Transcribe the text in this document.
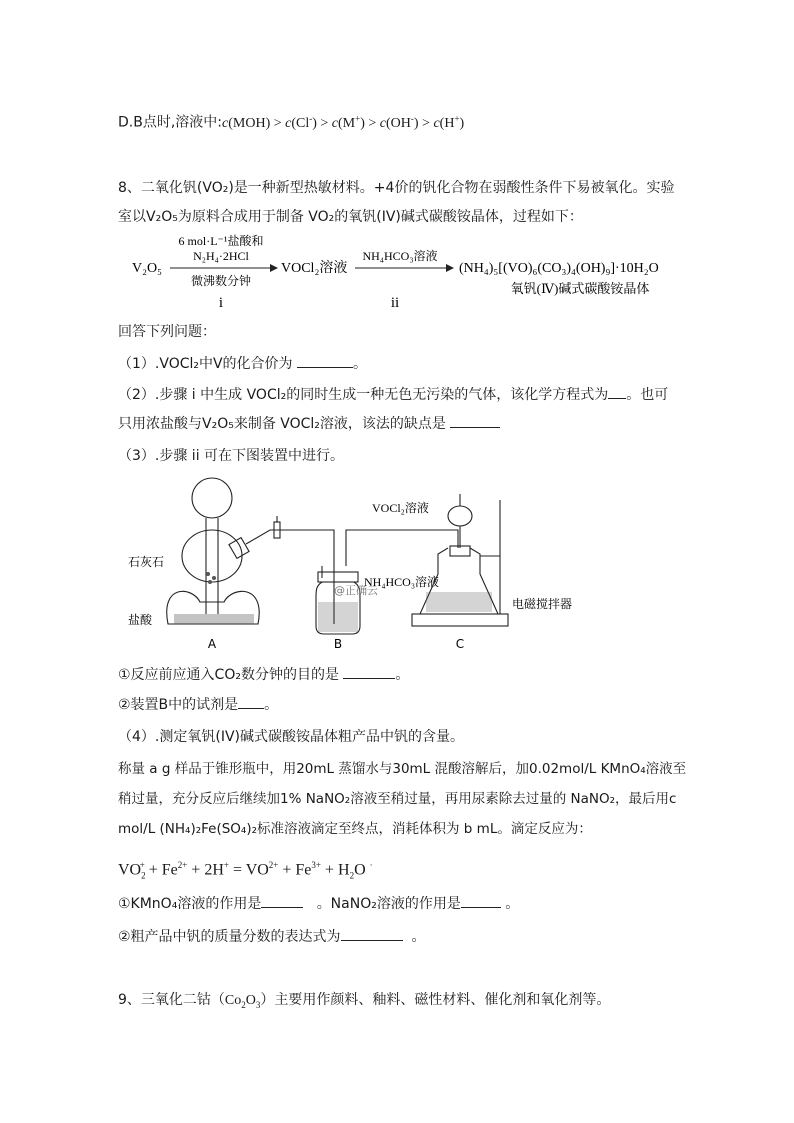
D.B点时,溶液中:c(MOH) > c(Cl-) > c(M+) > c(OH-) > c(H+)
8、二氧化钒(VO₂)是一种新型热敏材料。+4价的钒化合物在弱酸性条件下易被氧化。实验
室以V₂O₅为原料合成用于制备 VO₂的氧钒(IV)碱式碳酸铵晶体，过程如下：
V₂O₅
6 mol·L⁻¹盐酸和
N₂H₄·2HCl
微沸数分钟
i
VOCl₂溶液
NH₄HCO₃溶液
ii
(NH₄)₅[(VO)₆(CO₃)₄(OH)₉]·10H₂O
氧钒(Ⅳ)碱式碳酸铵晶体
回答下列问题：
（1）.VOCl₂中V的化合价为	。
（2）.步骤 i 中生成 VOCl₂的同时生成一种无色无污染的气体，该化学方程式为 。也可
只用浓盐酸与V₂O₅来制备 VOCl₂溶液，该法的缺点是
（3）.步骤 ii 可在下图装置中进行。
石灰石
盐酸
VOCl₂溶液
NH₄HCO₃溶液
电磁搅拌器
@正确云
A	B	C
①反应前应通入CO₂数分钟的目的是	。
②装置B中的试剂是 。
（4）.测定氧钒(IV)碱式碳酸铵晶体粗产品中钒的含量。
称量 a g 样品于锥形瓶中，用20mL 蒸馏水与30mL 混酸溶解后，加0.02mol/L KMnO₄溶液至
稍过量，充分反应后继续加1% NaNO₂溶液至稍过量，再用尿素除去过量的 NaNO₂，最后用c
mol/L (NH₄)₂Fe(SO₄)₂标准溶液滴定至终点，消耗体积为 b mL。滴定反应为：
$VO_2^+ + Fe^{2+} + 2H^+ = VO^{2+} + Fe^{3+} + H_2O$ ·
①KMnO₄溶液的作用是	。NaNO₂溶液的作用是	。
②粗产品中钒的质量分数的表达式为	。
9、三氧化二钴$(Co_2O_3)$主要用作颜料、釉料、磁性材料、催化剂和氧化剂等。
